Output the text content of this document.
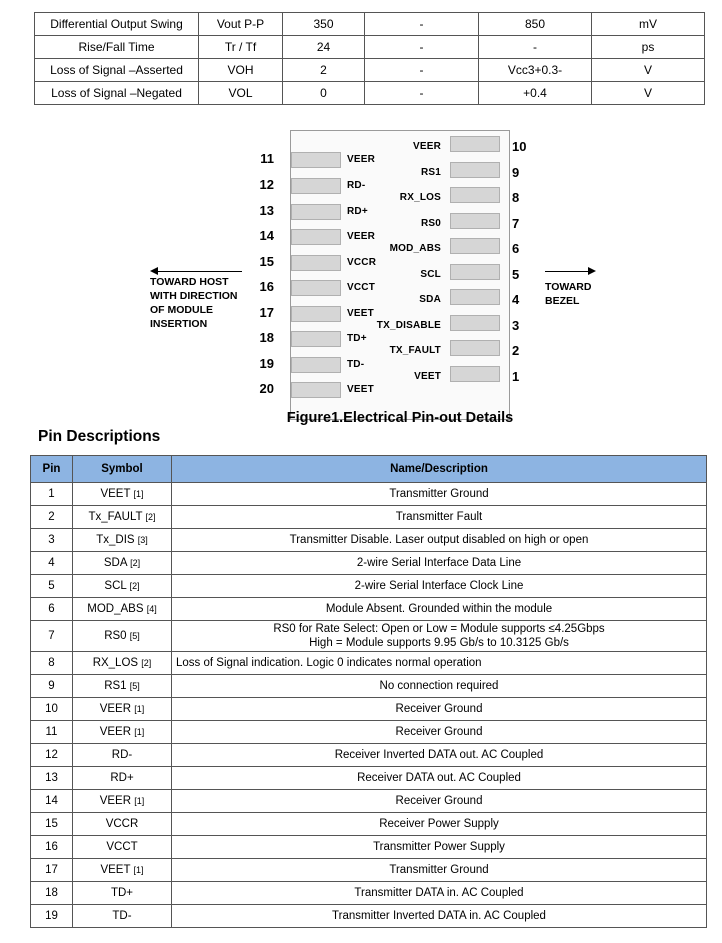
Differential Output Swing	Vout P-P	350	-	850	mV
Rise/Fall Time	Tr / Tf	24	-	-	ps
Loss of Signal –Asserted	VOH	2	-	Vcc3+0.3-	V
Loss of Signal –Negated	VOL	0	-	+0.4	V
11	VEER
12	RD-
13	RD+
14	VEER
15	VCCR
16	VCCT
17	VEET
18	TD+
19	TD-
20	VEET
10
VEER
9
RS1
8
RX_LOS
7
RS0
6
MOD_ABS
5
SCL
4
SDA
3
TX_DISABLE
2
TX_FAULT
1
VEET
TOWARD HOST
WITH DIRECTION
OF MODULE
INSERTION
TOWARD
BEZEL
Figure1.Electrical Pin-out Details
Pin Descriptions
Pin	Symbol	Name/Description
1	VEET [1]	Transmitter Ground

2	Tx_FAULT [2]	Transmitter Fault

3	Tx_DIS [3]	Transmitter Disable. Laser output disabled on high or open

4	SDA [2]	2-wire Serial Interface Data Line

5	SCL [2]	2-wire Serial Interface Clock Line

6	MOD_ABS [4]	Module Absent. Grounded within the module

7	RS0 [5]	RS0 for Rate Select: Open or Low = Module supports ≤4.25Gbps
High = Module supports 9.95 Gb/s to 10.3125 Gb/s

8	RX_LOS [2]	Loss of Signal indication. Logic 0 indicates normal operation

9	RS1 [5]	No connection required

10	VEER [1]	Receiver Ground

11	VEER [1]	Receiver Ground

12	RD-	Receiver Inverted DATA out. AC Coupled

13	RD+	Receiver DATA out. AC Coupled

14	VEER [1]	Receiver Ground

15	VCCR	Receiver Power Supply

16	VCCT	Transmitter Power Supply

17	VEET [1]	Transmitter Ground

18	TD+	Transmitter DATA in. AC Coupled

19	TD-	Transmitter Inverted DATA in. AC Coupled
